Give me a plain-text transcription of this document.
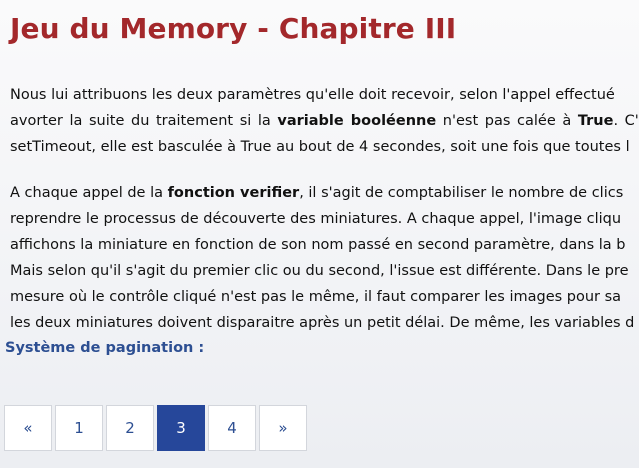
Jeu du Memory - Chapitre III
Nous lui attribuons les deux paramètres qu'elle doit recevoir, selon l'appel effectué
avorter la suite du traitement si la variable booléenne n'est pas calée à True. C'
setTimeout, elle est basculée à True au bout de 4 secondes, soit une fois que toutes l
A chaque appel de la fonction verifier, il s'agit de comptabiliser le nombre de clics
reprendre le processus de découverte des miniatures. A chaque appel, l'image cliqu
affichons la miniature en fonction de son nom passé en second paramètre, dans la b
Mais selon qu'il s'agit du premier clic ou du second, l'issue est différente. Dans le pre
mesure où le contrôle cliqué n'est pas le même, il faut comparer les images pour sa
les deux miniatures doivent disparaitre après un petit délai. De même, les variables d
Système de pagination :
«	1	2	3	4	»
